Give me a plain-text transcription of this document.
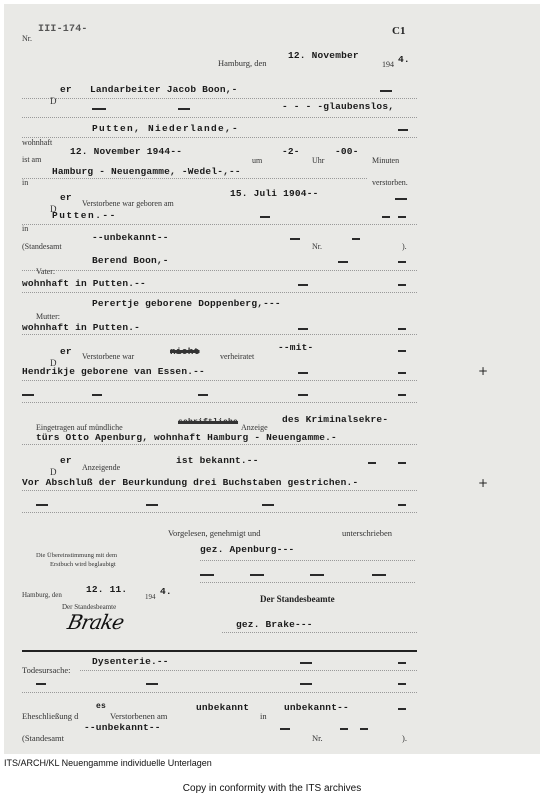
Nr.
III-174-	C1
Hamburg, den
12. November
194 4.
D
er Landarbeiter Jacob Boon,-
- - - -glaubenslos,
wohnhaft
Putten, Niederlande,-
ist am
12. November 1944--
um
-2-
Uhr
-00-
Minuten
in
Hamburg - Neuengamme, -Wedel-,--
verstorben.
D
er
Verstorbene war geboren am
15. Juli 1904--
in
Putten.--
(Standesamt
--unbekannt--
Nr.	).
Vater:
Berend Boon,-
wohnhaft in Putten.--
Mutter:
Perertje geborene Doppenberg,---
wohnhaft in Putten.-
D
er Verstorbene war	nicht	verheiratet
--mit-
Hendrikje geborene van Essen.--	+
Eingetragen auf mündliche
schriftliche
Anzeige
des Kriminalsekre-
türs Otto Apenburg, wohnhaft Hamburg - Neuengamme.-
D
er
Anzeigende
ist bekannt.--
Vor Abschluß der Beurkundung drei Buchstaben gestrichen.-	+
Vorgelesen, genehmigt und	unterschrieben
Die Übereinstimmung mit dem
Erstbuch wird beglaubigt
gez. Apenburg---
Hamburg, den	12. 11.
194 4.
Der Standesbeamte
Brake
Der Standesbeamte
gez. Brake---
Todesursache:
Dysenterie.--
Eheschließung d
es
Verstorbenen am
unbekannt
in
unbekannt--
(Standesamt
--unbekannt--
Nr.	).
ITS/ARCH/KL Neuengamme individuelle Unterlagen
Copy in conformity with the ITS archives
